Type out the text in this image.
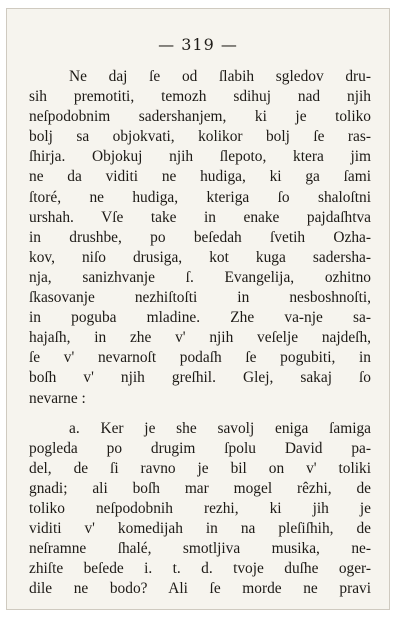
— 319 —
Ne daj ſe od ſlabih sgledov dru-
sih premotiti, temozh sdihuj nad njih
neſpodobnim sadershanjem, ki je toliko
bolj sa objokvati, kolikor bolj ſe ras-
ſhirja. Objokuj njih ſlepoto, ktera jim
ne da viditi ne hudiga, ki ga ſami
ſtoré, ne hudiga, kteriga ſo shaloſtni
urshah. Vſe take in enake pajdaſhtva
in drushbe, po beſedah ſvetih Ozha-
kov, niſo drusiga, kot kuga sadersha-
nja, sanizhvanje ſ. Evangelija, ozhitno
ſkasovanje nezhiſtoſti in nesboshnoſti,
in poguba mladine. Zhe va-nje sa-
hajaſh, in zhe v' njih veſelje najdeſh,
ſe v' nevarnoſt podaſh ſe pogubiti, in
boſh v' njih greſhil. Glej, sakaj ſo
nevarne :
a. Ker je she savolj eniga ſamiga
pogleda po drugim ſpolu David pa-
del, de ſi ravno je bil on v' toliki
gnadi; ali boſh mar mogel rêzhi, de
toliko neſpodobnih rezhi, ki jih je
viditi v' komedijah in na pleſiſhih, de
neſramne ſhalé, smotljiva musika, ne-
zhiſte beſede i. t. d. tvoje duſhe oger-
dile ne bodo? Ali ſe morde ne pravi
